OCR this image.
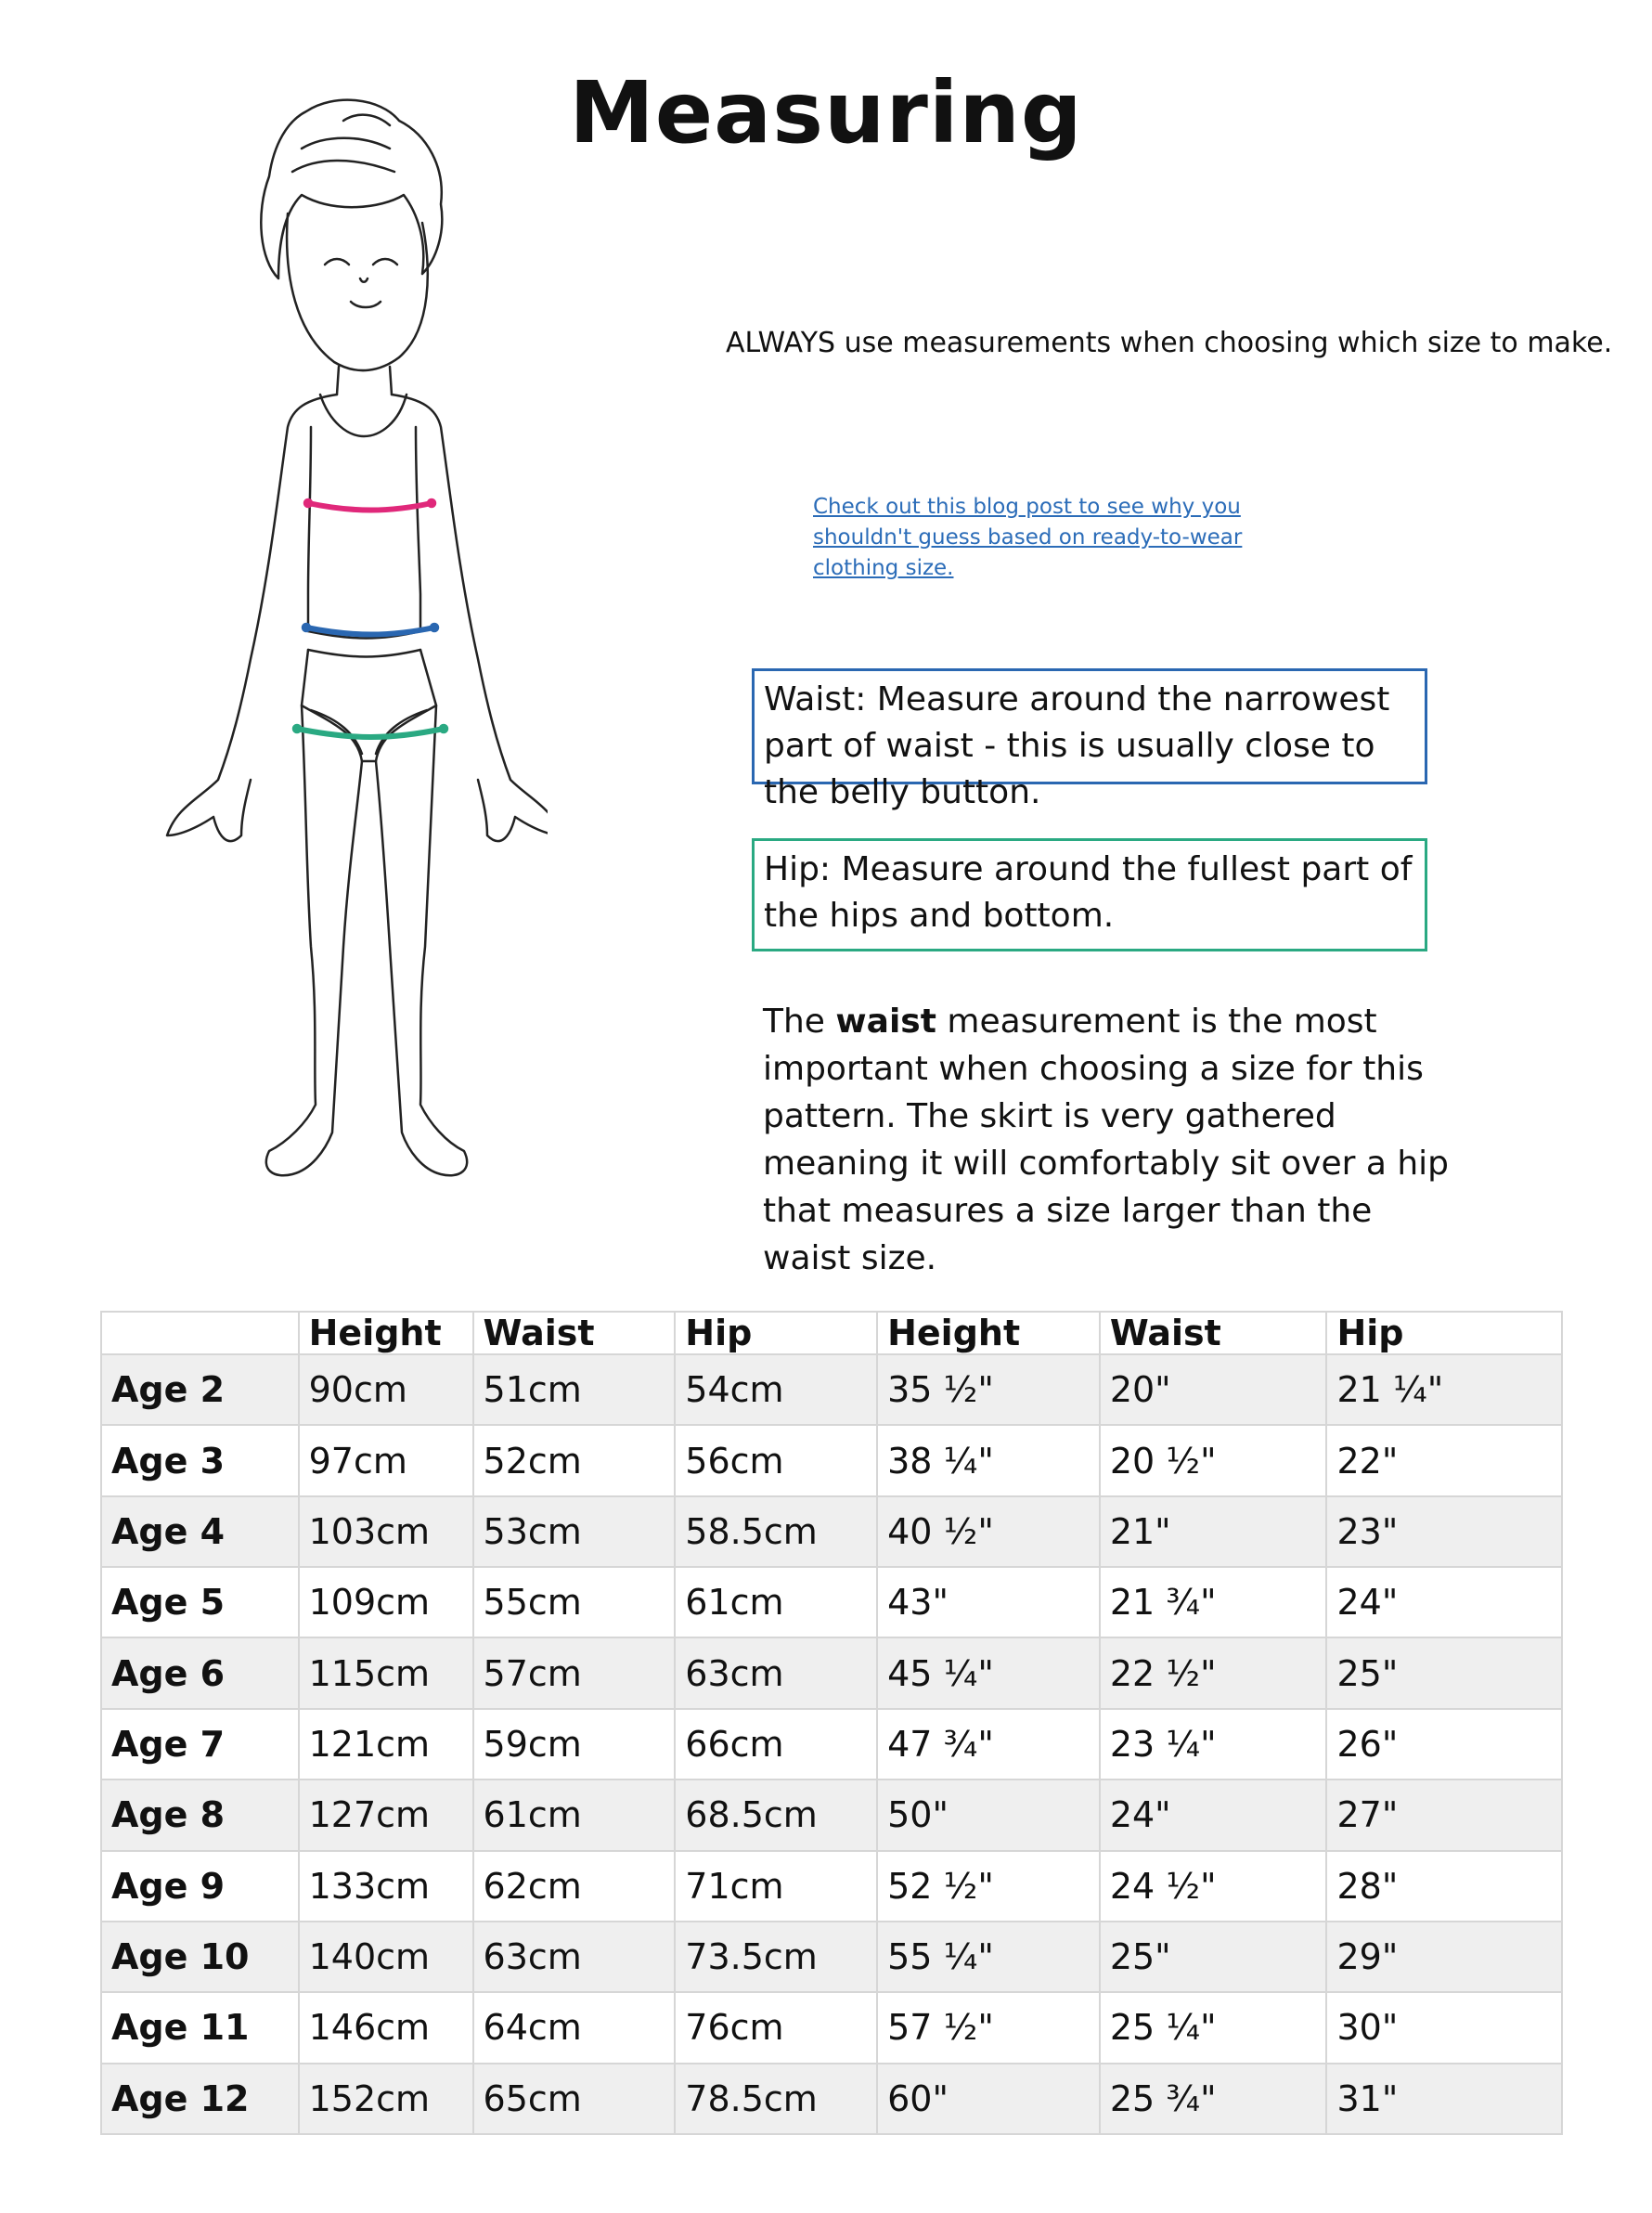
Measuring
ALWAYS use measurements when choosing which size to make.
Check out this blog post to see why you shouldn't guess based on ready-to-wear clothing size.
Waist: Measure around the narrowest part of waist - this is usually close to the belly button.
Hip: Measure around the fullest part of the hips and bottom.
The waist measurement is the most important when choosing a size for this pattern. The skirt is very gathered meaning it will comfortably sit over a hip that measures a size larger than the waist size.
	Height	Waist	Hip	Height	Waist	Hip
Age 2	90cm	51cm	54cm	35 ½"	20"	21 ¼"
Age 3	97cm	52cm	56cm	38 ¼"	20 ½"	22"
Age 4	103cm	53cm	58.5cm	40 ½"	21"	23"
Age 5	109cm	55cm	61cm	43"	21 ¾"	24"
Age 6	115cm	57cm	63cm	45 ¼"	22 ½"	25"
Age 7	121cm	59cm	66cm	47 ¾"	23 ¼"	26"
Age 8	127cm	61cm	68.5cm	50"	24"	27"
Age 9	133cm	62cm	71cm	52 ½"	24 ½"	28"
Age 10	140cm	63cm	73.5cm	55 ¼"	25"	29"
Age 11	146cm	64cm	76cm	57 ½"	25 ¼"	30"
Age 12	152cm	65cm	78.5cm	60"	25 ¾"	31"
